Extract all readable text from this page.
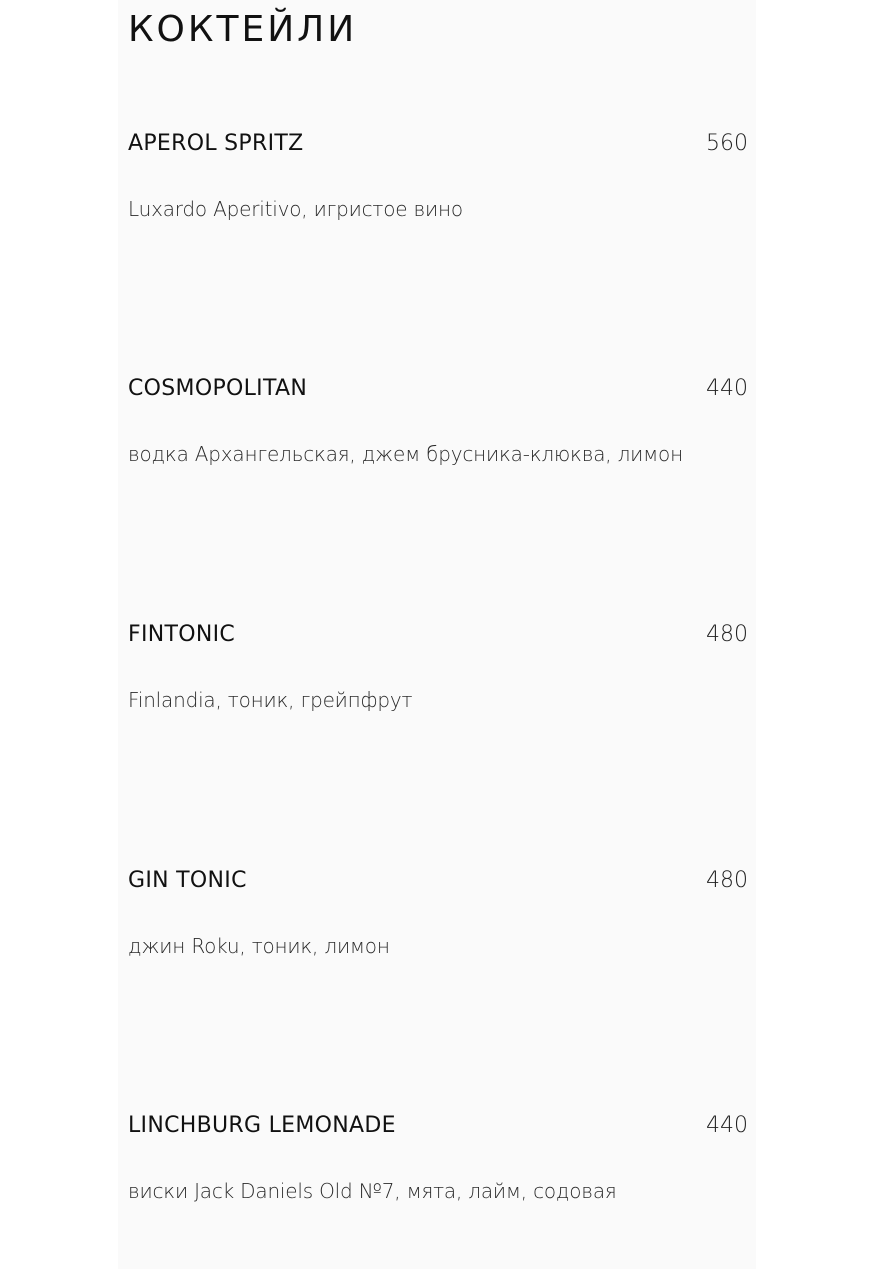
КОКТЕЙЛИ
APEROL SPRITZ	560
Luxardo Aperitivo, игристое вино
COSMOPOLITAN	440
водка Архангельская, джем брусника-клюква, лимон
FINTONIC	480
Finlandia, тоник, грейпфрут
GIN TONIC	480
джин Roku, тоник, лимон
LINCHBURG LEMONADE	440
виски Jack Daniels Old №7, мята, лайм, содовая
